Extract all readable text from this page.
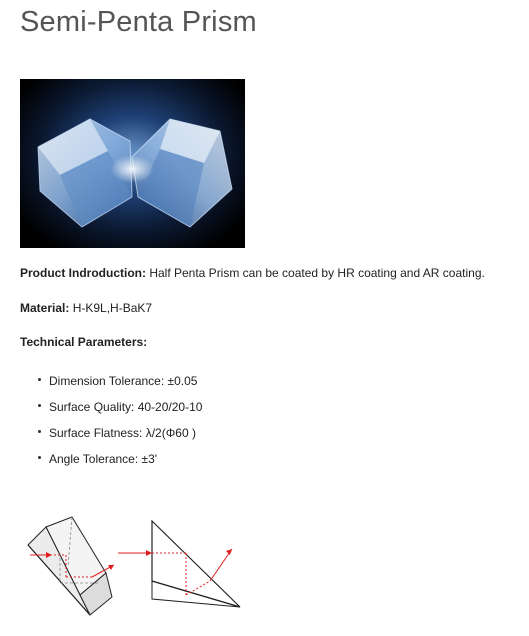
Semi-Penta Prism

Product Indroduction: Half Penta Prism can be coated by HR coating and AR coating.

Material: H-K9L,H-BaK7

Technical Parameters:

Dimension Tolerance: ±0.05
Surface Quality: 40-20/20-10
Surface Flatness: λ/2(Φ60 )
Angle Tolerance: ±3'
